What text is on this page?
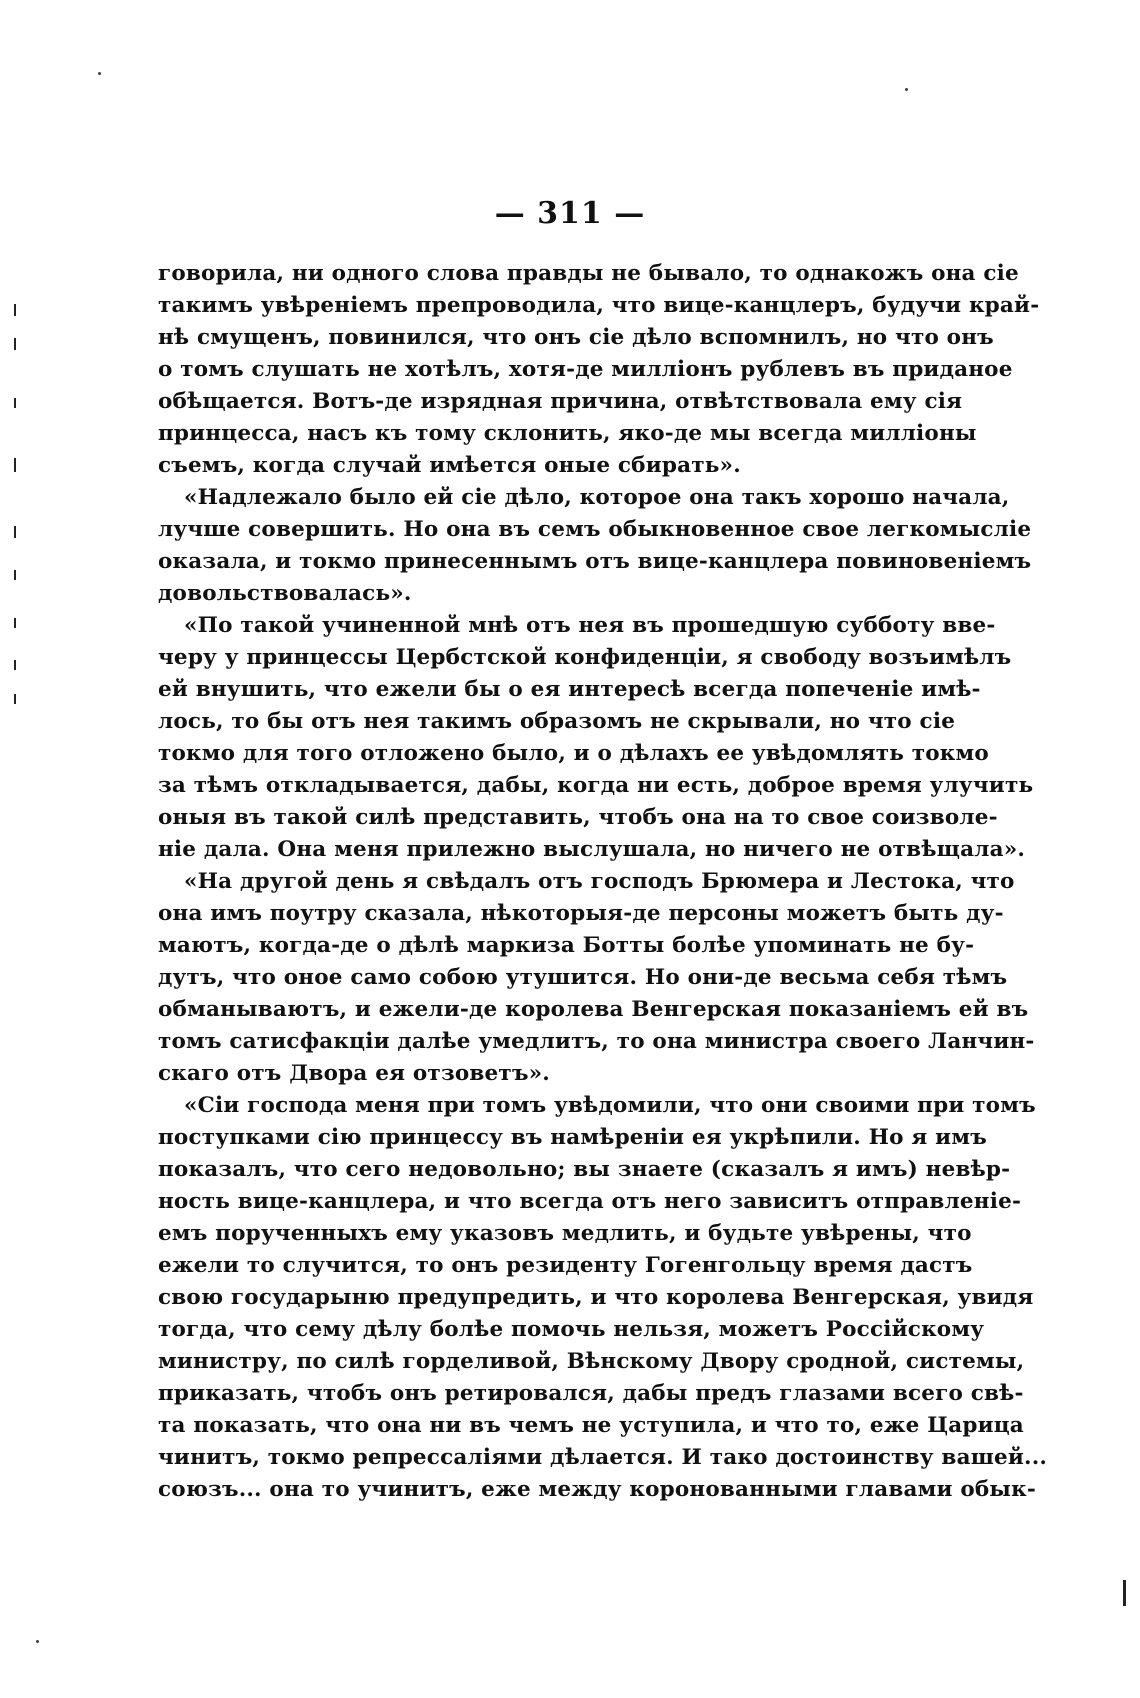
— 311 —
говорила, ни одного слова правды не бывало, то однакожъ она сіе
такимъ увѣреніемъ препроводила, что вице-канцлеръ, будучи край-
нѣ смущенъ, повинился, что онъ сіе дѣло вспомнилъ, но что онъ
о томъ слушать не хотѣлъ, хотя-де милліонъ рублевъ въ приданое
обѣщается. Вотъ-де изрядная причина, отвѣтствовала ему сія
принцесса, насъ къ тому склонить, яко-де мы всегда милліоны
съемъ, когда случай имѣется оные сбирать».
«Надлежало было ей сіе дѣло, которое она такъ хорошо начала,
лучше совершить. Но она въ семъ обыкновенное свое легкомысліе
оказала, и токмо принесеннымъ отъ вице-канцлера повиновеніемъ
довольствовалась».
«По такой учиненной мнѣ отъ нея въ прошедшую субботу вве-
черу у принцессы Цербстской конфиденціи, я свободу возъимѣлъ
ей внушить, что ежели бы о ея интересѣ всегда попеченіе имѣ-
лось, то бы отъ нея такимъ образомъ не скрывали, но что сіе
токмо для того отложено было, и о дѣлахъ ее увѣдомлять токмо
за тѣмъ откладывается, дабы, когда ни есть, доброе время улучить
оныя въ такой силѣ представить, чтобъ она на то свое соизволе-
ніе дала. Она меня прилежно выслушала, но ничего не отвѣщала».
«На другой день я свѣдалъ отъ господъ Брюмера и Лестока, что
она имъ поутру сказала, нѣкоторыя-де персоны можетъ быть ду-
маютъ, когда-де о дѣлѣ маркиза Ботты болѣе упоминать не бу-
дутъ, что оное само собою утушится. Но они-де весьма себя тѣмъ
обманываютъ, и ежели-де королева Венгерская показаніемъ ей въ
томъ сатисфакціи далѣе умедлитъ, то она министра своего Ланчин-
скаго отъ Двора ея отзоветъ».
«Сіи господа меня при томъ увѣдомили, что они своими при томъ
поступками сію принцессу въ намѣреніи ея укрѣпили. Но я имъ
показалъ, что сего недовольно; вы знаете (сказалъ я имъ) невѣр-
ность вице-канцлера, и что всегда отъ него зависитъ отправленіе-
емъ порученныхъ ему указовъ медлить, и будьте увѣрены, что
ежели то случится, то онъ резиденту Гогенгольцу время дастъ
свою государыню предупредить, и что королева Венгерская, увидя
тогда, что сему дѣлу болѣе помочь нельзя, можетъ Россійскому
министру, по силѣ горделивой, Вѣнскому Двору сродной, системы,
приказать, чтобъ онъ ретировался, дабы предъ глазами всего свѣ-
та показать, что она ни въ чемъ не уступила, и что то, еже Царица
чинитъ, токмо репрессаліями дѣлается. И тако достоинству вашей...
союзъ... она то учинитъ, еже между коронованными главами обык-
